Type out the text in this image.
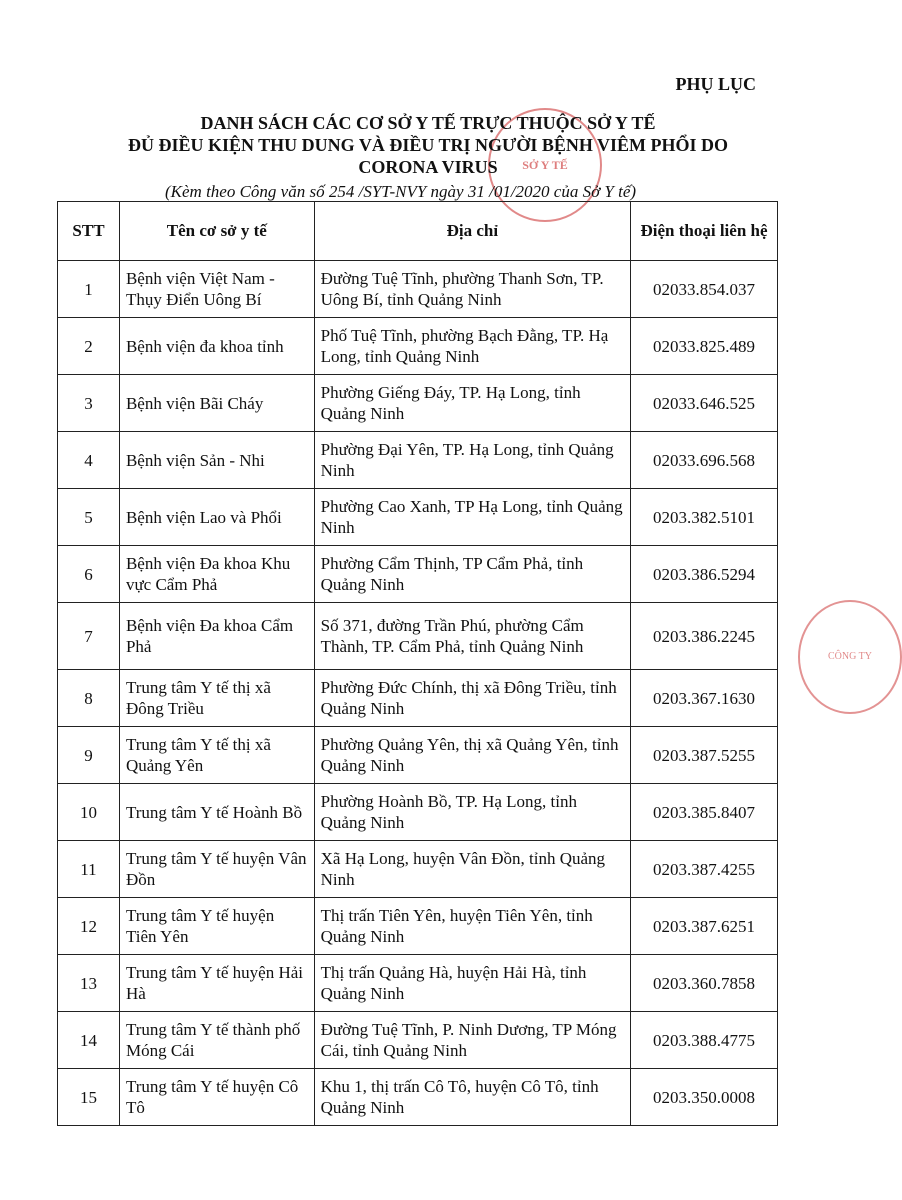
PHỤ LỤC
SỞ Y TẾ
CÔNG TY
DANH SÁCH CÁC CƠ SỞ Y TẾ TRỰC THUỘC SỞ Y TẾ
ĐỦ ĐIỀU KIỆN THU DUNG VÀ ĐIỀU TRỊ NGƯỜI BỆNH VIÊM PHỔI DO
CORONA VIRUS
(Kèm theo Công văn số 254 /SYT-NVY ngày 31 /01/2020 của Sở Y tế)
STT	Tên cơ sở y tế	Địa chỉ	Điện thoại liên hệ
1	Bệnh viện Việt Nam - Thụy Điển Uông Bí	Đường Tuệ Tĩnh, phường Thanh Sơn, TP. Uông Bí, tỉnh Quảng Ninh	02033.854.037
2	Bệnh viện đa khoa tỉnh	Phố Tuệ Tĩnh, phường Bạch Đằng, TP. Hạ Long, tỉnh Quảng Ninh	02033.825.489
3	Bệnh viện Bãi Cháy	Phường Giếng Đáy, TP. Hạ Long, tỉnh Quảng Ninh	02033.646.525
4	Bệnh viện Sản - Nhi	Phường Đại Yên, TP. Hạ Long, tỉnh Quảng Ninh	02033.696.568
5	Bệnh viện Lao và Phổi	Phường Cao Xanh, TP Hạ Long, tỉnh Quảng Ninh	0203.382.5101
6	Bệnh viện Đa khoa Khu vực Cẩm Phả	Phường Cẩm Thịnh, TP Cẩm Phả, tỉnh Quảng Ninh	0203.386.5294
7	Bệnh viện Đa khoa Cẩm Phả	Số 371, đường Trần Phú, phường Cẩm Thành, TP. Cẩm Phả, tỉnh Quảng Ninh	0203.386.2245
8	Trung tâm Y tế thị xã Đông Triều	Phường Đức Chính, thị xã Đông Triều, tỉnh Quảng Ninh	0203.367.1630
9	Trung tâm Y tế thị xã Quảng Yên	Phường Quảng Yên, thị xã Quảng Yên, tỉnh Quảng Ninh	0203.387.5255
10	Trung tâm Y tế Hoành Bồ	Phường Hoành Bồ, TP. Hạ Long, tỉnh Quảng Ninh	0203.385.8407
11	Trung tâm Y tế huyện Vân Đồn	Xã Hạ Long, huyện Vân Đồn, tỉnh Quảng Ninh	0203.387.4255
12	Trung tâm Y tế huyện Tiên Yên	Thị trấn Tiên Yên, huyện Tiên Yên, tỉnh Quảng Ninh	0203.387.6251
13	Trung tâm Y tế huyện Hải Hà	Thị trấn Quảng Hà, huyện Hải Hà, tỉnh Quảng Ninh	0203.360.7858
14	Trung tâm Y tế thành phố Móng Cái	Đường Tuệ Tĩnh, P. Ninh Dương, TP Móng Cái, tỉnh Quảng Ninh	0203.388.4775
15	Trung tâm Y tế huyện Cô Tô	Khu 1, thị trấn Cô Tô, huyện Cô Tô, tỉnh Quảng Ninh	0203.350.0008
